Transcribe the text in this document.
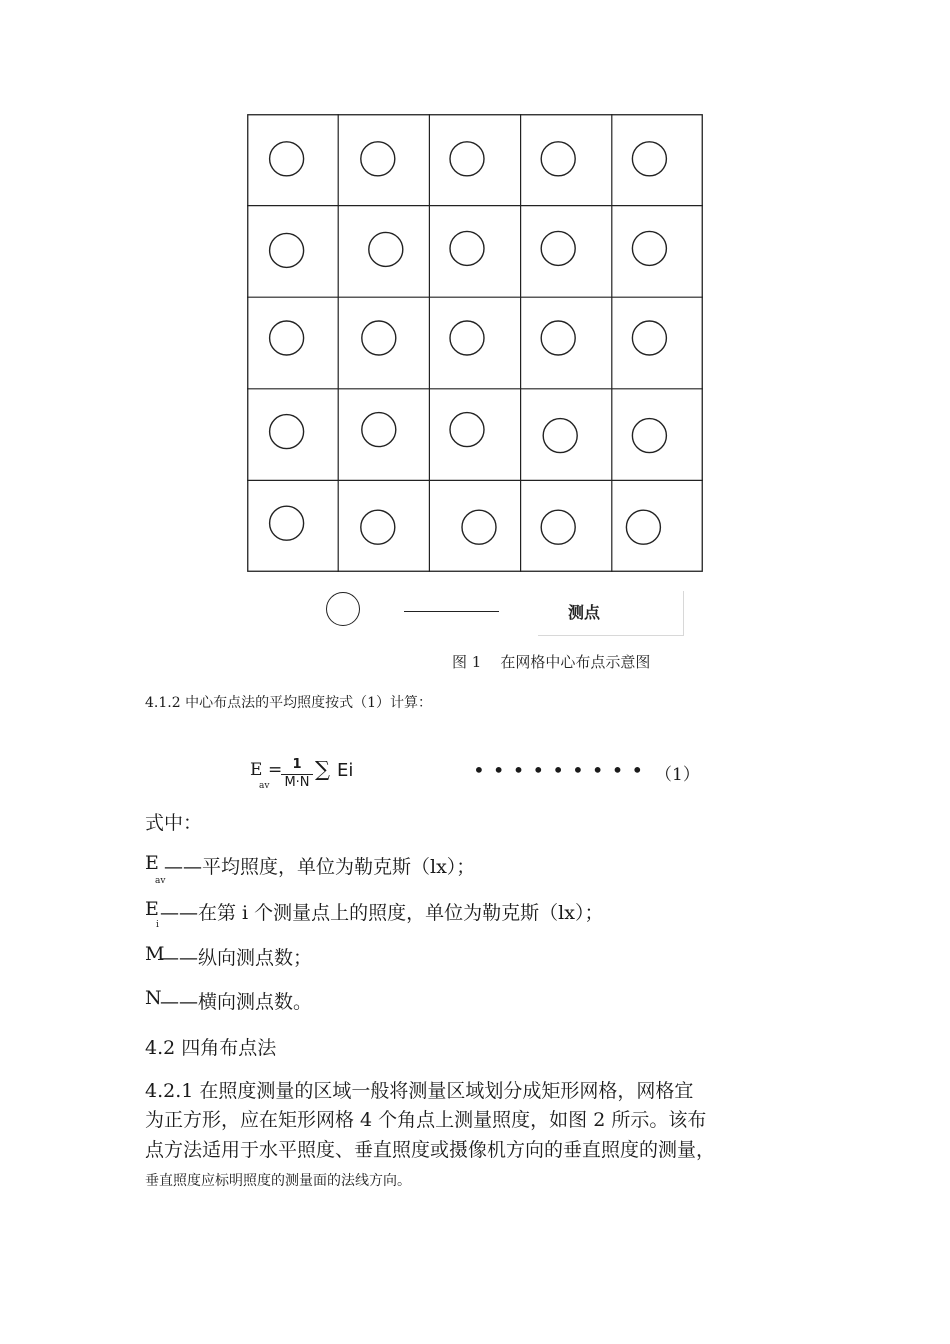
测点
图 1    在网格中心布点示意图
4.1.2 中心布点法的平均照度按式（1）计算：
E =
av $\frac{1}{M\cdot N}$ ∑ Ei	••••••••• （1）
式中：
E
av
——平均照度，单位为勒克斯（lx）；
E
i
——在第 i 个测量点上的照度，单位为勒克斯（lx）；
M
——纵向测点数；
N
——横向测点数。
4.2 四角布点法
4.2.1 在照度测量的区域一般将测量区域划分成矩形网格，网格宜
为正方形，应在矩形网格 4 个角点上测量照度，如图 2 所示。该布
点方法适用于水平照度、垂直照度或摄像机方向的垂直照度的测量，
垂直照度应标明照度的测量面的法线方向。
